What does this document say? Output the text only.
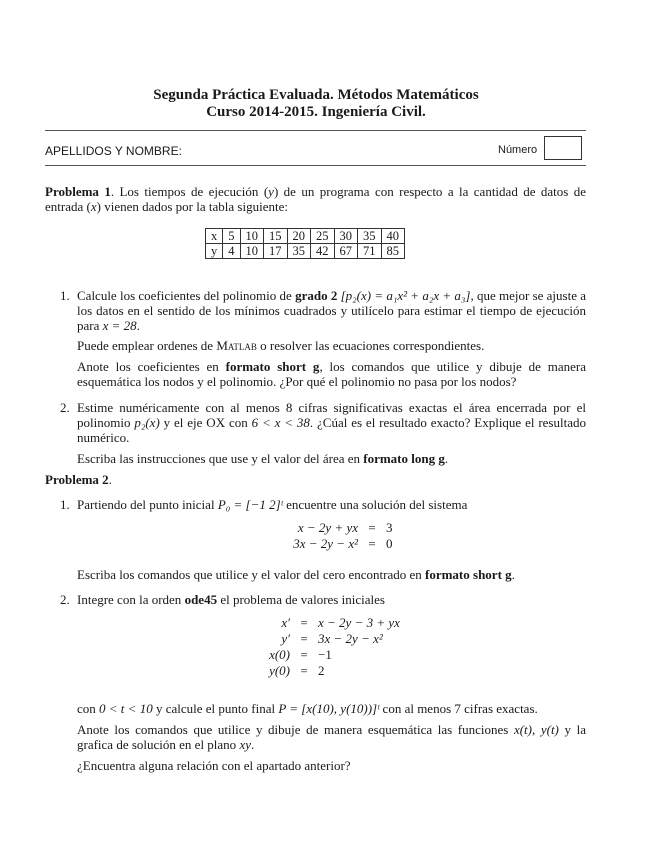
Segunda Práctica Evaluada. Métodos Matemáticos
Curso 2014-2015. Ingeniería Civil.
APELLIDOS Y NOMBRE:	Número
Problema 1. Los tiempos de ejecución (y) de un programa con respecto a la cantidad de datos de entrada (x) vienen dados por la tabla siguiente:
x	5	10	15	20	25	30	35	40
y	4	10	17	35	42	67	71	85
1. Calcule los coeficientes del polinomio de grado 2 [p₂(x) = a₁x² + a₂x + a₃], que mejor se ajuste a los datos en el sentido de los mínimos cuadrados y utilícelo para estimar el tiempo de ejecución para x = 28.
Puede emplear ordenes de Matlab o resolver las ecuaciones correspondientes.
Anote los coeficientes en formato short g, los comandos que utilice y dibuje de manera esquemática los nodos y el polinomio. ¿Por qué el polinomio no pasa por los nodos?
2. Estime numéricamente con al menos 8 cifras significativas exactas el área encerrada por el polinomio p₂(x) y el eje OX con 6 < x < 38. ¿Cúal es el resultado exacto? Explique el resultado numérico.
Escriba las instrucciones que use y el valor del área en formato long g.
Problema 2.
1. Partiendo del punto inicial P₀ = [−1 2]ᵗ encuentre una solución del sistema
x − 2y + yx = 3
3x − 2y − x² = 0
Escriba los comandos que utilice y el valor del cero encontrado en formato short g.
2. Integre con la orden ode45 el problema de valores iniciales
x′ = x − 2y − 3 + yx
y′ = 3x − 2y − x²
x(0) = −1
y(0) = 2
con 0 < t < 10 y calcule el punto final P = [x(10), y(10))]ᵗ con al menos 7 cifras exactas.
Anote los comandos que utilice y dibuje de manera esquemática las funciones x(t), y(t) y la grafica de solución en el plano xy.
¿Encuentra alguna relación con el apartado anterior?
